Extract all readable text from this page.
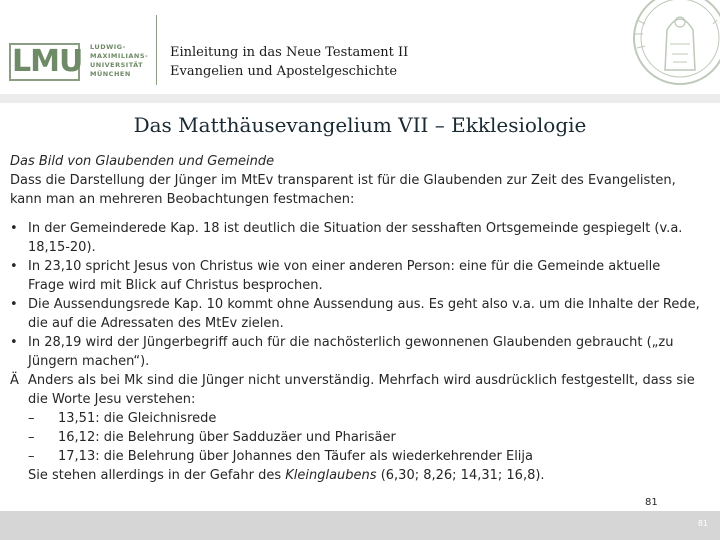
LMU LUDWIG-
MAXIMILIANS-
UNIVERSITÄT
MÜNCHEN
Einleitung in das Neue Testament II
Evangelien und Apostelgeschichte
Das Matthäusevangelium VII – Ekklesiologie

Das Bild von Glaubenden und Gemeinde

Dass die Darstellung der Jünger im MtEv transparent ist für die Glaubenden zur Zeit des Evangelisten, kann man an mehreren Beobachtungen festmachen:

• In der Gemeinderede Kap. 18 ist deutlich die Situation der sesshaften Ortsgemeinde gespiegelt (v.a. 18,15-20).

• In 23,10 spricht Jesus von Christus wie von einer anderen Person: eine für die Gemeinde aktuelle Frage wird mit Blick auf Christus besprochen.

• Die Aussendungsrede Kap. 10 kommt ohne Aussendung aus. Es geht also v.a. um die Inhalte der Rede, die auf die Adressaten des MtEv zielen.

• In 28,19 wird der Jüngerbegriff auch für die nachösterlich gewonnenen Glaubenden gebraucht („zu Jüngern machen“).

Ä Anders als bei Mk sind die Jünger nicht unverständig. Mehrfach wird ausdrücklich festgestellt, dass sie die Worte Jesu verstehen:

– 13,51: die Gleichnisrede

– 16,12: die Belehrung über Sadduzäer und Pharisäer

– 17,13: die Belehrung über Johannes den Täufer als wiederkehrender Elija

Sie stehen allerdings in der Gefahr des Kleinglaubens (6,30; 8,26; 14,31; 16,8).

81
81
